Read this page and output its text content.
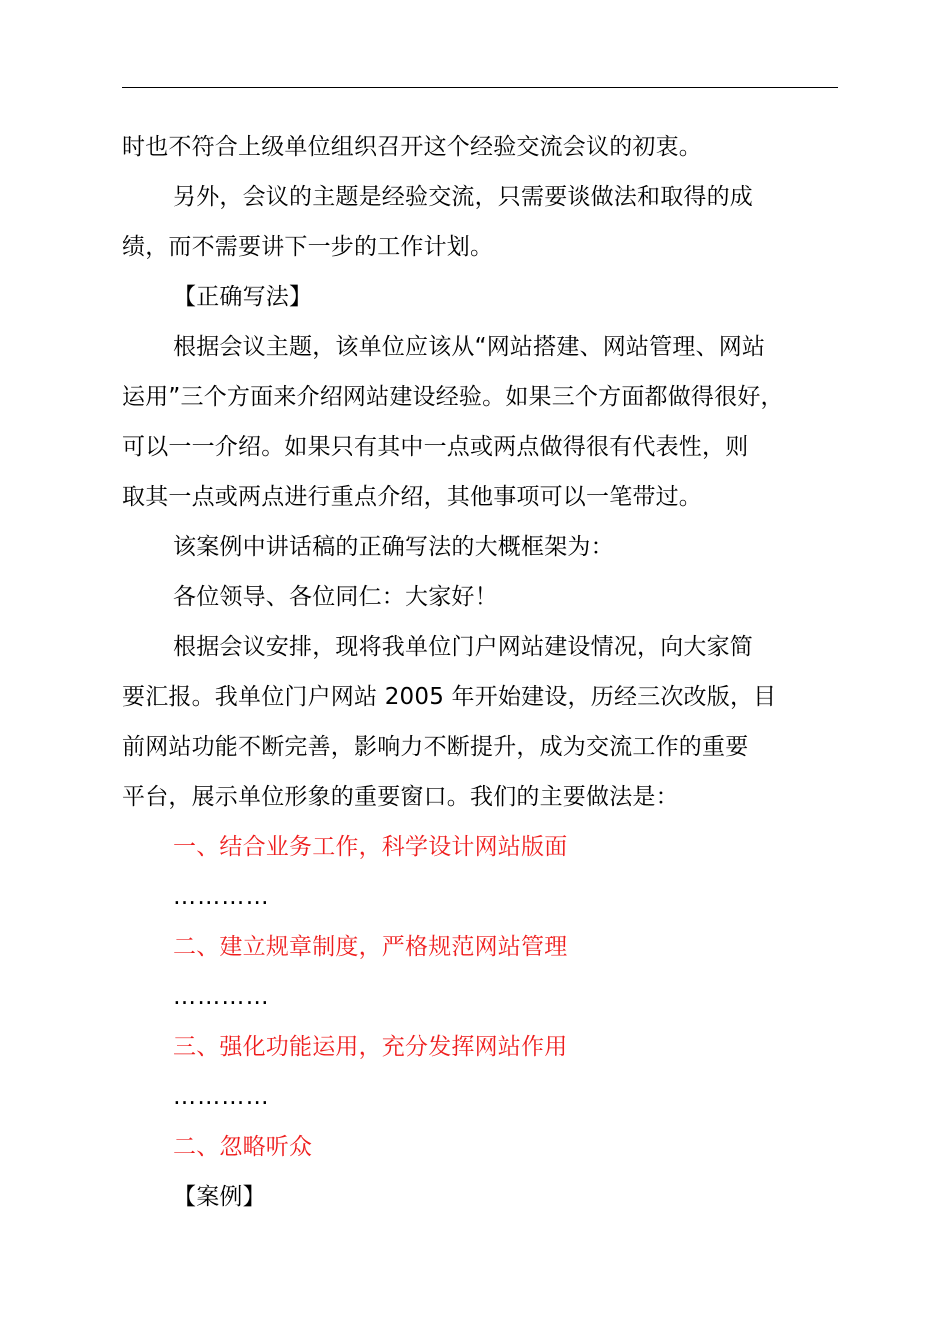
时也不符合上级单位组织召开这个经验交流会议的初衷。
另外，会议的主题是经验交流，只需要谈做法和取得的成
绩，而不需要讲下一步的工作计划。
【正确写法】
根据会议主题，该单位应该从“网站搭建、网站管理、网站
运用”三个方面来介绍网站建设经验。如果三个方面都做得很好，
可以一一介绍。如果只有其中一点或两点做得很有代表性，则
取其一点或两点进行重点介绍，其他事项可以一笔带过。
该案例中讲话稿的正确写法的大概框架为：
各位领导、各位同仁：大家好！
根据会议安排，现将我单位门户网站建设情况，向大家简
要汇报。我单位门户网站 2005 年开始建设，历经三次改版，目
前网站功能不断完善，影响力不断提升，成为交流工作的重要
平台，展示单位形象的重要窗口。我们的主要做法是：
一、结合业务工作，科学设计网站版面
…………
二、建立规章制度，严格规范网站管理
…………
三、强化功能运用，充分发挥网站作用
…………
二、忽略听众
【案例】
